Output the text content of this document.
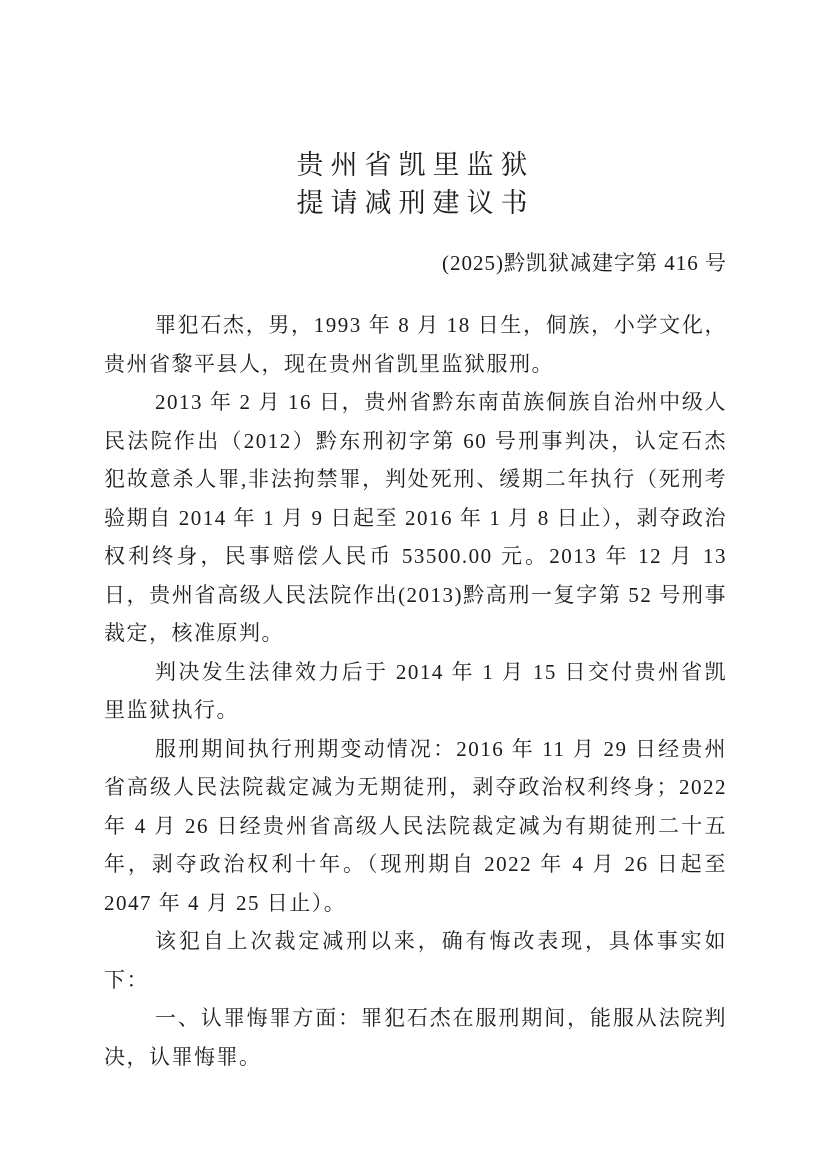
贵州省凯里监狱
提请减刑建议书
(2025)黔凯狱减建字第 416 号

罪犯石杰，男，1993 年 8 月 18 日生，侗族，小学文化，贵州省黎平县人，现在贵州省凯里监狱服刑。

2013 年 2 月 16 日，贵州省黔东南苗族侗族自治州中级人民法院作出（2012）黔东刑初字第 60 号刑事判决，认定石杰犯故意杀人罪,非法拘禁罪，判处死刑、缓期二年执行（死刑考验期自 2014 年 1 月 9 日起至 2016 年 1 月 8 日止），剥夺政治权利终身，民事赔偿人民币 53500.00 元。2013 年 12 月 13 日，贵州省高级人民法院作出(2013)黔高刑一复字第 52 号刑事裁定，核准原判。

判决发生法律效力后于 2014 年 1 月 15 日交付贵州省凯里监狱执行。

服刑期间执行刑期变动情况：2016 年 11 月 29 日经贵州省高级人民法院裁定减为无期徒刑，剥夺政治权利终身；2022 年 4 月 26 日经贵州省高级人民法院裁定减为有期徒刑二十五年，剥夺政治权利十年。（现刑期自 2022 年 4 月 26 日起至 2047 年 4 月 25 日止）。

该犯自上次裁定减刑以来，确有悔改表现，具体事实如下：

一、认罪悔罪方面：罪犯石杰在服刑期间，能服从法院判决，认罪悔罪。
